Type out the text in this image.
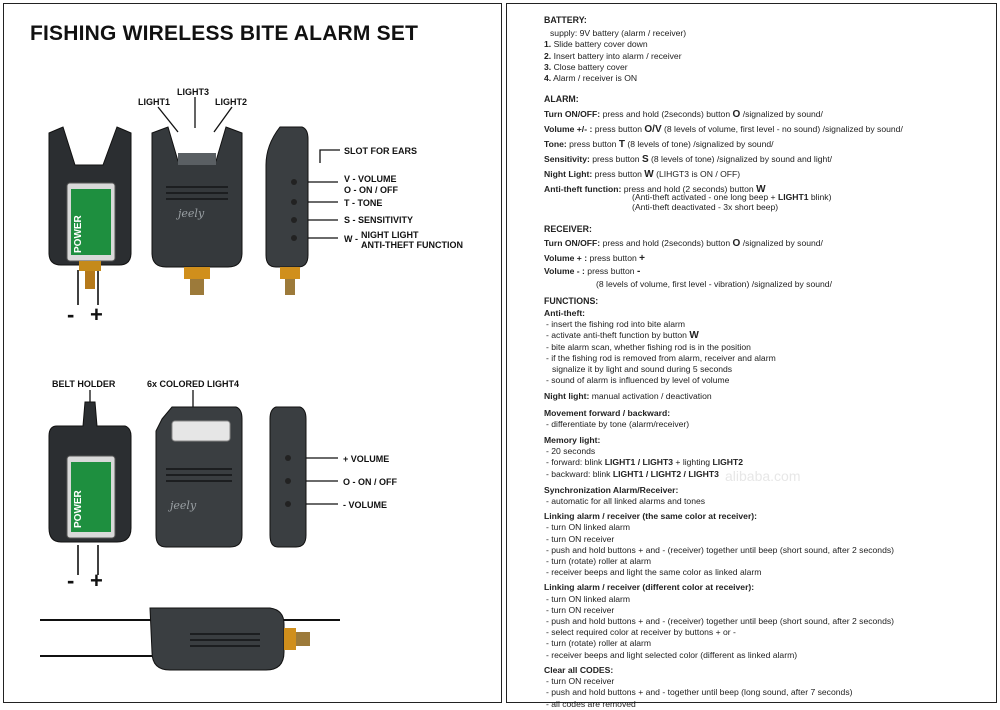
FISHING WIRELESS BITE ALARM SET
LIGHT1
LIGHT3
LIGHT2
SLOT FOR EARS
V - VOLUME
O - ON / OFF
T - TONE
S - SENSITIVITY
W - NIGHT LIGHT
ANTI-THEFT FUNCTION
- +
POWER
jeely
BELT HOLDER	6x COLORED LIGHT4
+ VOLUME
O - ON / OFF
- VOLUME
- +
POWER	jeely
BATTERY:
supply: 9V battery (alarm / receiver)
1. Slide battery cover down
2. Insert battery into alarm / receiver
3. Close battery cover
4. Alarm / receiver is ON
ALARM:
Turn ON/OFF: press and hold (2seconds) button O /signalized by sound/
Volume +/- : press button O/V (8 levels of volume, first level - no sound) /signalized by sound/
Tone: press button T (8 levels of tone) /signalized by sound/
Sensitivity: press button S (8 levels of tone) /signalized by sound and light/
Night Light: press button W (LIHGT3 is ON / OFF)
Anti-theft function: press and hold (2 seconds) button W
(Anti-theft activated - one long beep + LIGHT1 blink)
(Anti-theft deactivated - 3x short beep)
RECEIVER:
Turn ON/OFF: press and hold (2seconds) button O /signalized by sound/
Volume + : press button +
Volume - : press button -
(8 levels of volume, first level - vibration) /signalized by sound/
FUNCTIONS:
Anti-theft:
- insert the fishing rod into bite alarm
- activate anti-theft function by button W
- bite alarm scan, whether fishing rod is in the position
- if the fishing rod is removed from alarm, receiver and alarm
signalize it by light and sound during 5 seconds
- sound of alarm is influenced by level of volume
Night light: manual activation / deactivation
Movement forward / backward:
- differentiate by tone (alarm/receiver)
Memory light:
- 20 seconds
- forward: blink LIGHT1 / LIGHT3 + lighting LIGHT2
- backward: blink LIGHT1 / LIGHT2 / LIGHT3
Synchronization Alarm/Receiver:
- automatic for all linked alarms and tones
Linking alarm / receiver (the same color at receiver):
- turn ON linked alarm
- turn ON receiver
- push and hold buttons + and - (receiver) together until beep (short sound, after 2 seconds)
- turn (rotate) roller at alarm
- receiver beeps and light the same color as linked alarm
Linking alarm / receiver (different color at receiver):
- turn ON linked alarm
- turn ON receiver
- push and hold buttons + and - (receiver) together until beep (short sound, after 2 seconds)
- select required color at receiver by buttons + or -
- turn (rotate) roller at alarm
- receiver beeps and light selected color (different as linked alarm)
Clear all CODES:
- turn ON receiver
- push and hold buttons + and - together until beep (long sound, after 7 seconds)
- all codes are removed
alibaba.com
